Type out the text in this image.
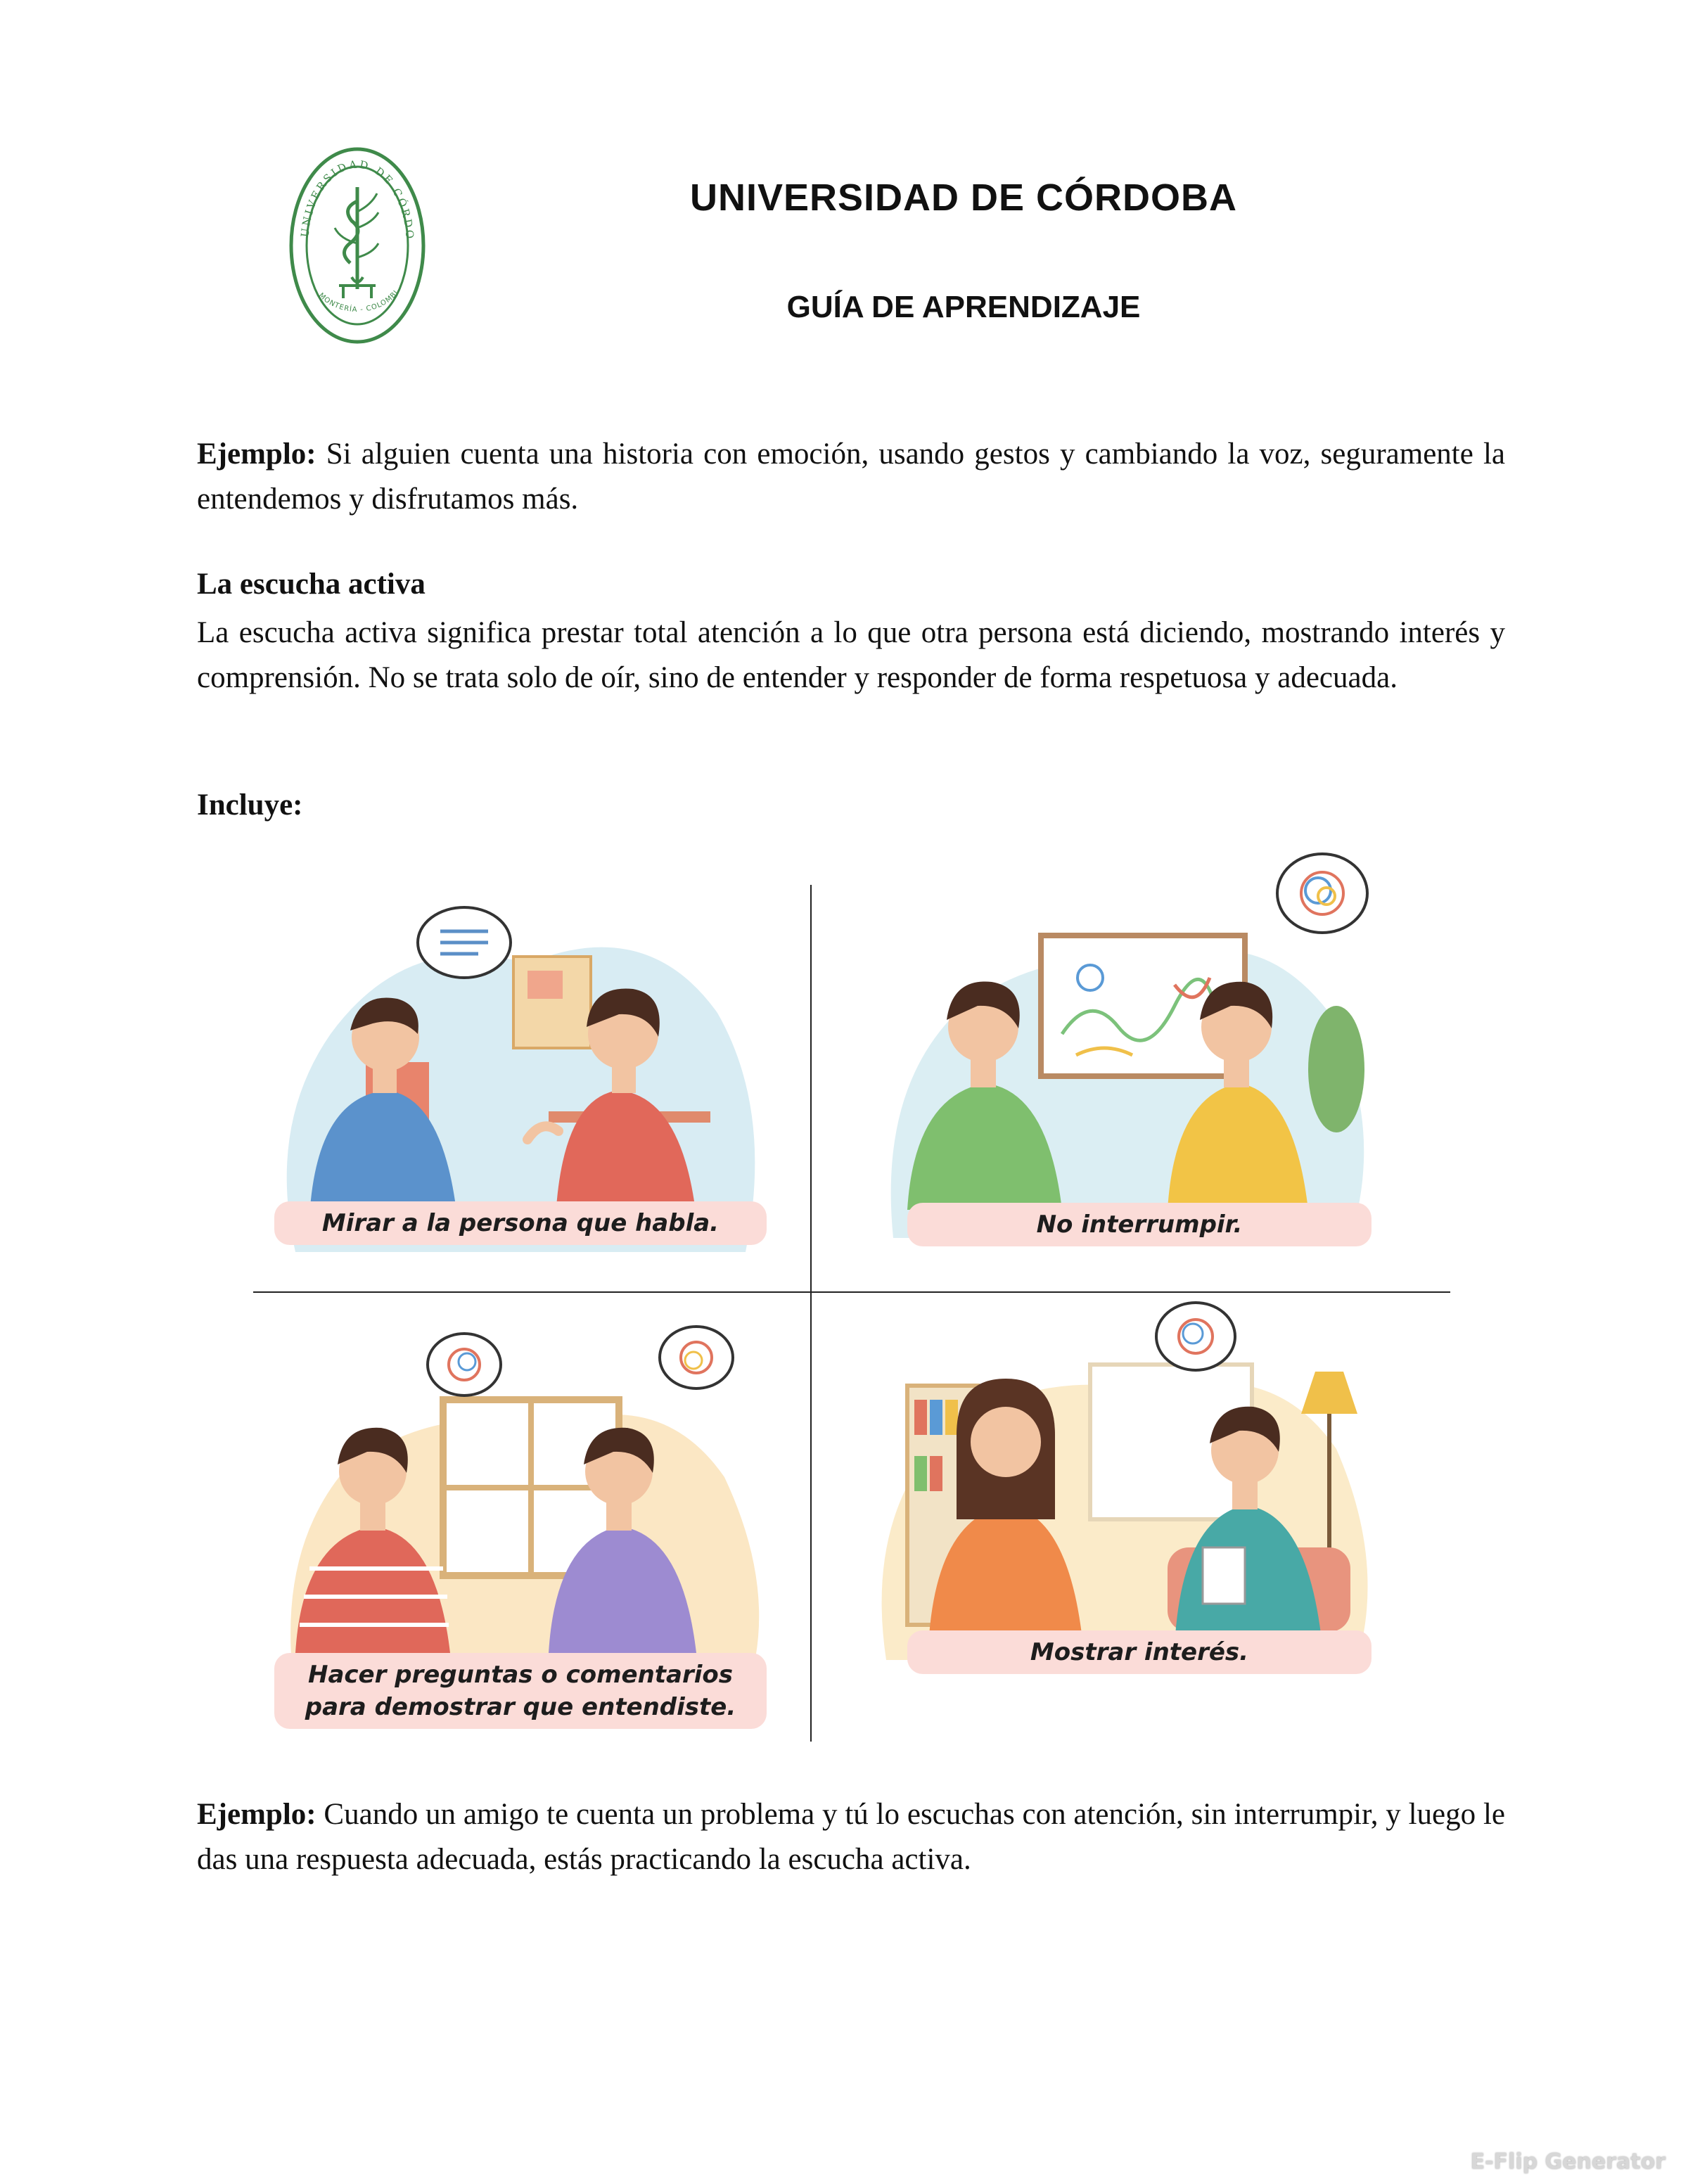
UNIVERSIDAD DE CÓRDO
MONTERÍA - COLOMBI
UNIVERSIDAD DE CÓRDOBA
GUÍA DE APRENDIZAJE
Ejemplo: Si alguien cuenta una historia con emoción, usando gestos y cambiando la voz, seguramente la entendemos y disfrutamos más.
La escucha activa
La escucha activa significa prestar total atención a lo que otra persona está diciendo, mostrando interés y comprensión. No se trata solo de oír, sino de entender y responder de forma respetuosa y adecuada.
Incluye:
Mirar a la persona que habla.	No interrumpir.
Hacer preguntas o comentarios para demostrar que entendiste.
Mostrar interés.
Ejemplo: Cuando un amigo te cuenta un problema y tú lo escuchas con atención, sin interrumpir, y luego le das una respuesta adecuada, estás practicando la escucha activa.
E-Flip Generator
